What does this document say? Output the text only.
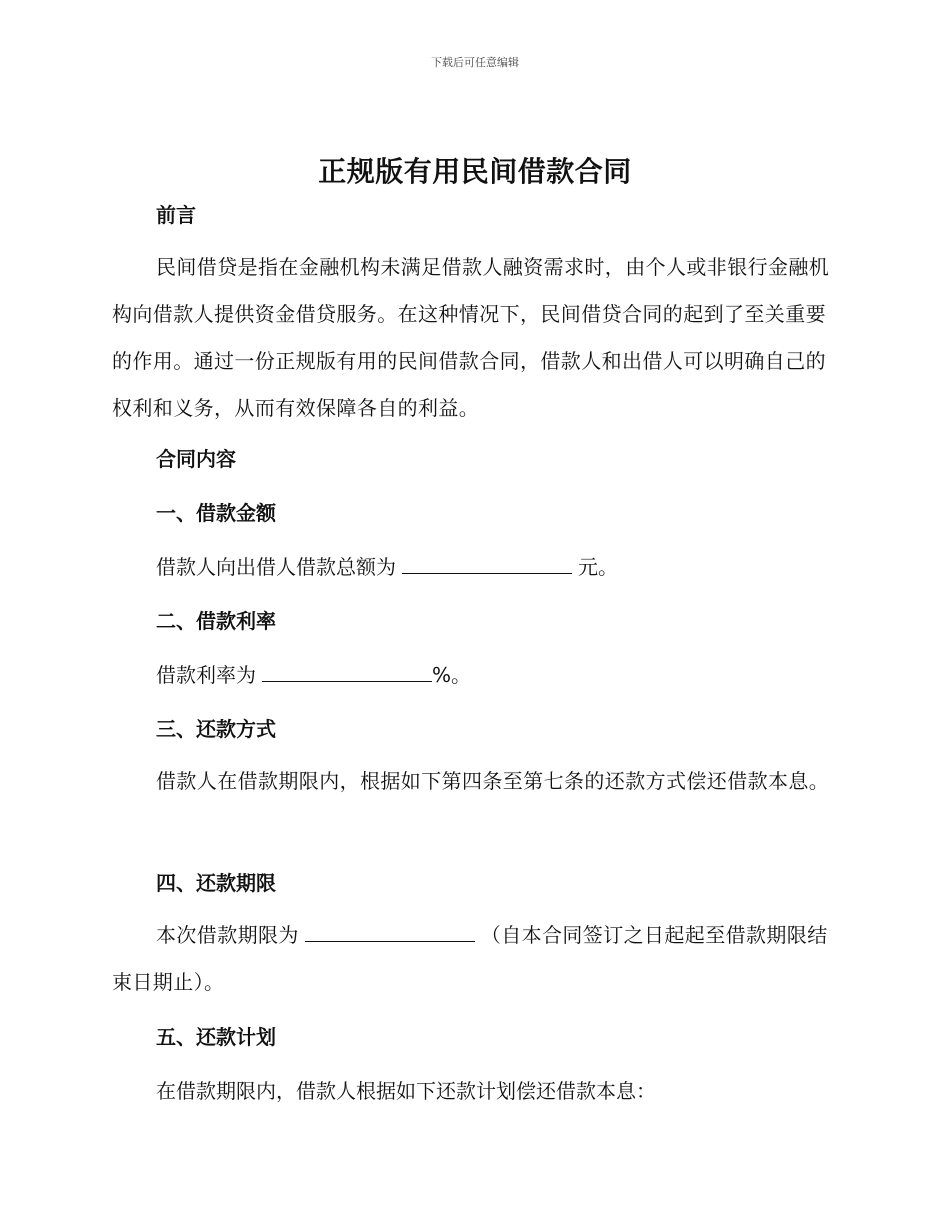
下载后可任意编辑
正规版有用民间借款合同
前言
民间借贷是指在金融机构未满足借款人融资需求时，由个人或非银行金融机构向借款人提供资金借贷服务。在这种情况下，民间借贷合同的起到了至关重要的作用。通过一份正规版有用的民间借款合同，借款人和出借人可以明确自己的权利和义务，从而有效保障各自的利益。
合同内容
一、借款金额
借款人向出借人借款总额为	元。
二、借款利率
借款利率为	%。
三、还款方式
借款人在借款期限内，根据如下第四条至第七条的还款方式偿还借款本息。
四、还款期限
本次借款期限为	（自本合同签订之日起起至借款期限结束日期止）。
五、还款计划
在借款期限内，借款人根据如下还款计划偿还借款本息：
